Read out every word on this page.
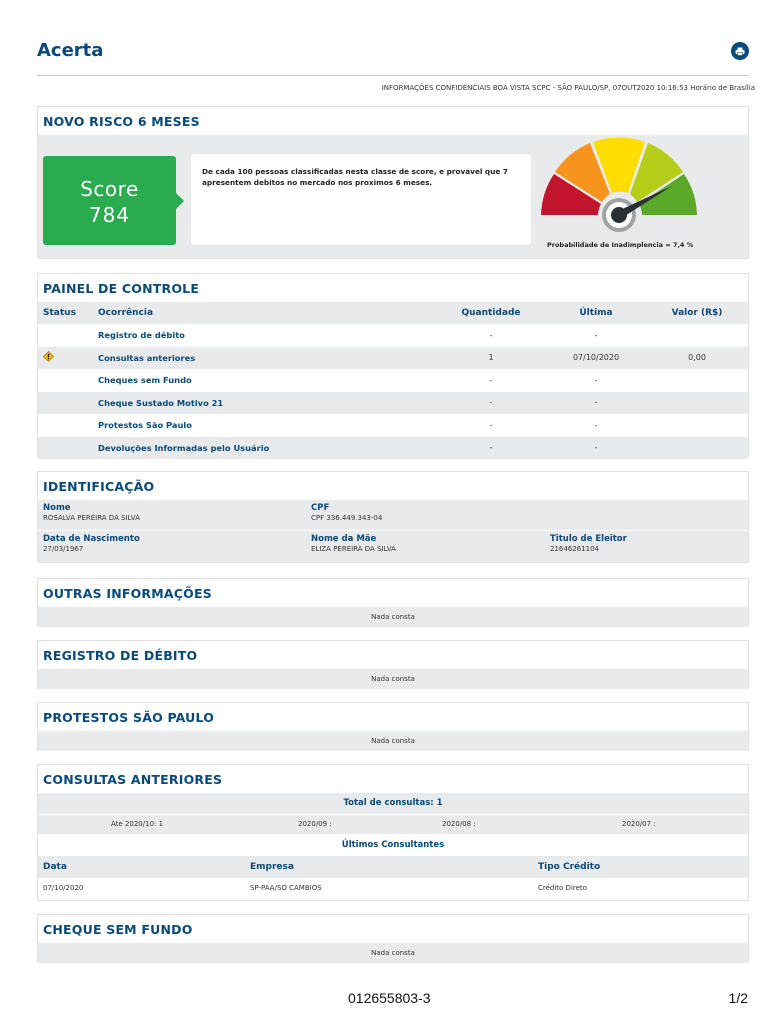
Acerta
INFORMAÇÕES CONFIDENCIAIS BOA VISTA SCPC - SÃO PAULO/SP, 07OUT2020 10:16:53 Horário de Brasília
NOVO RISCO 6 MESES
Score
784
De cada 100 pessoas classificadas nesta classe de score, e provavel que 7 apresentem debitos no mercado nos proximos 6 meses.
Probabilidade de Inadimplencia = 7,4 %
PAINEL DE CONTROLE
Status	Ocorrência	Quantidade	Última	Valor (R$)
	Registro de débito	-	-	
	Consultas anteriores	1	07/10/2020	0,00
	Cheques sem Fundo	-	-	
	Cheque Sustado Motivo 21	-	-	
	Protestos São Paulo	-	-	
	Devoluções Informadas pelo Usuário	-	-	
IDENTIFICAÇÃO
Nome
ROSALVA PEREIRA DA SILVA
CPF
CPF 336.449.343-04
Data de Nascimento
27/03/1967
Nome da Mãe
ELIZA PEREIRA DA SILVA
Titulo de Eleitor
21646261104
OUTRAS INFORMAÇÕES
Nada consta
REGISTRO DE DÉBITO
Nada consta
PROTESTOS SÃO PAULO
Nada consta
CONSULTAS ANTERIORES
Total de consultas: 1
Ate 2020/10: 1	2020/09 :	2020/08 :	2020/07 :
Últimos Consultantes
Data	Empresa	Tipo Crédito
07/10/2020	SP-PAA/SO CAMBIOS	Crédito Direto
CHEQUE SEM FUNDO
Nada consta
012655803-3	1/2
